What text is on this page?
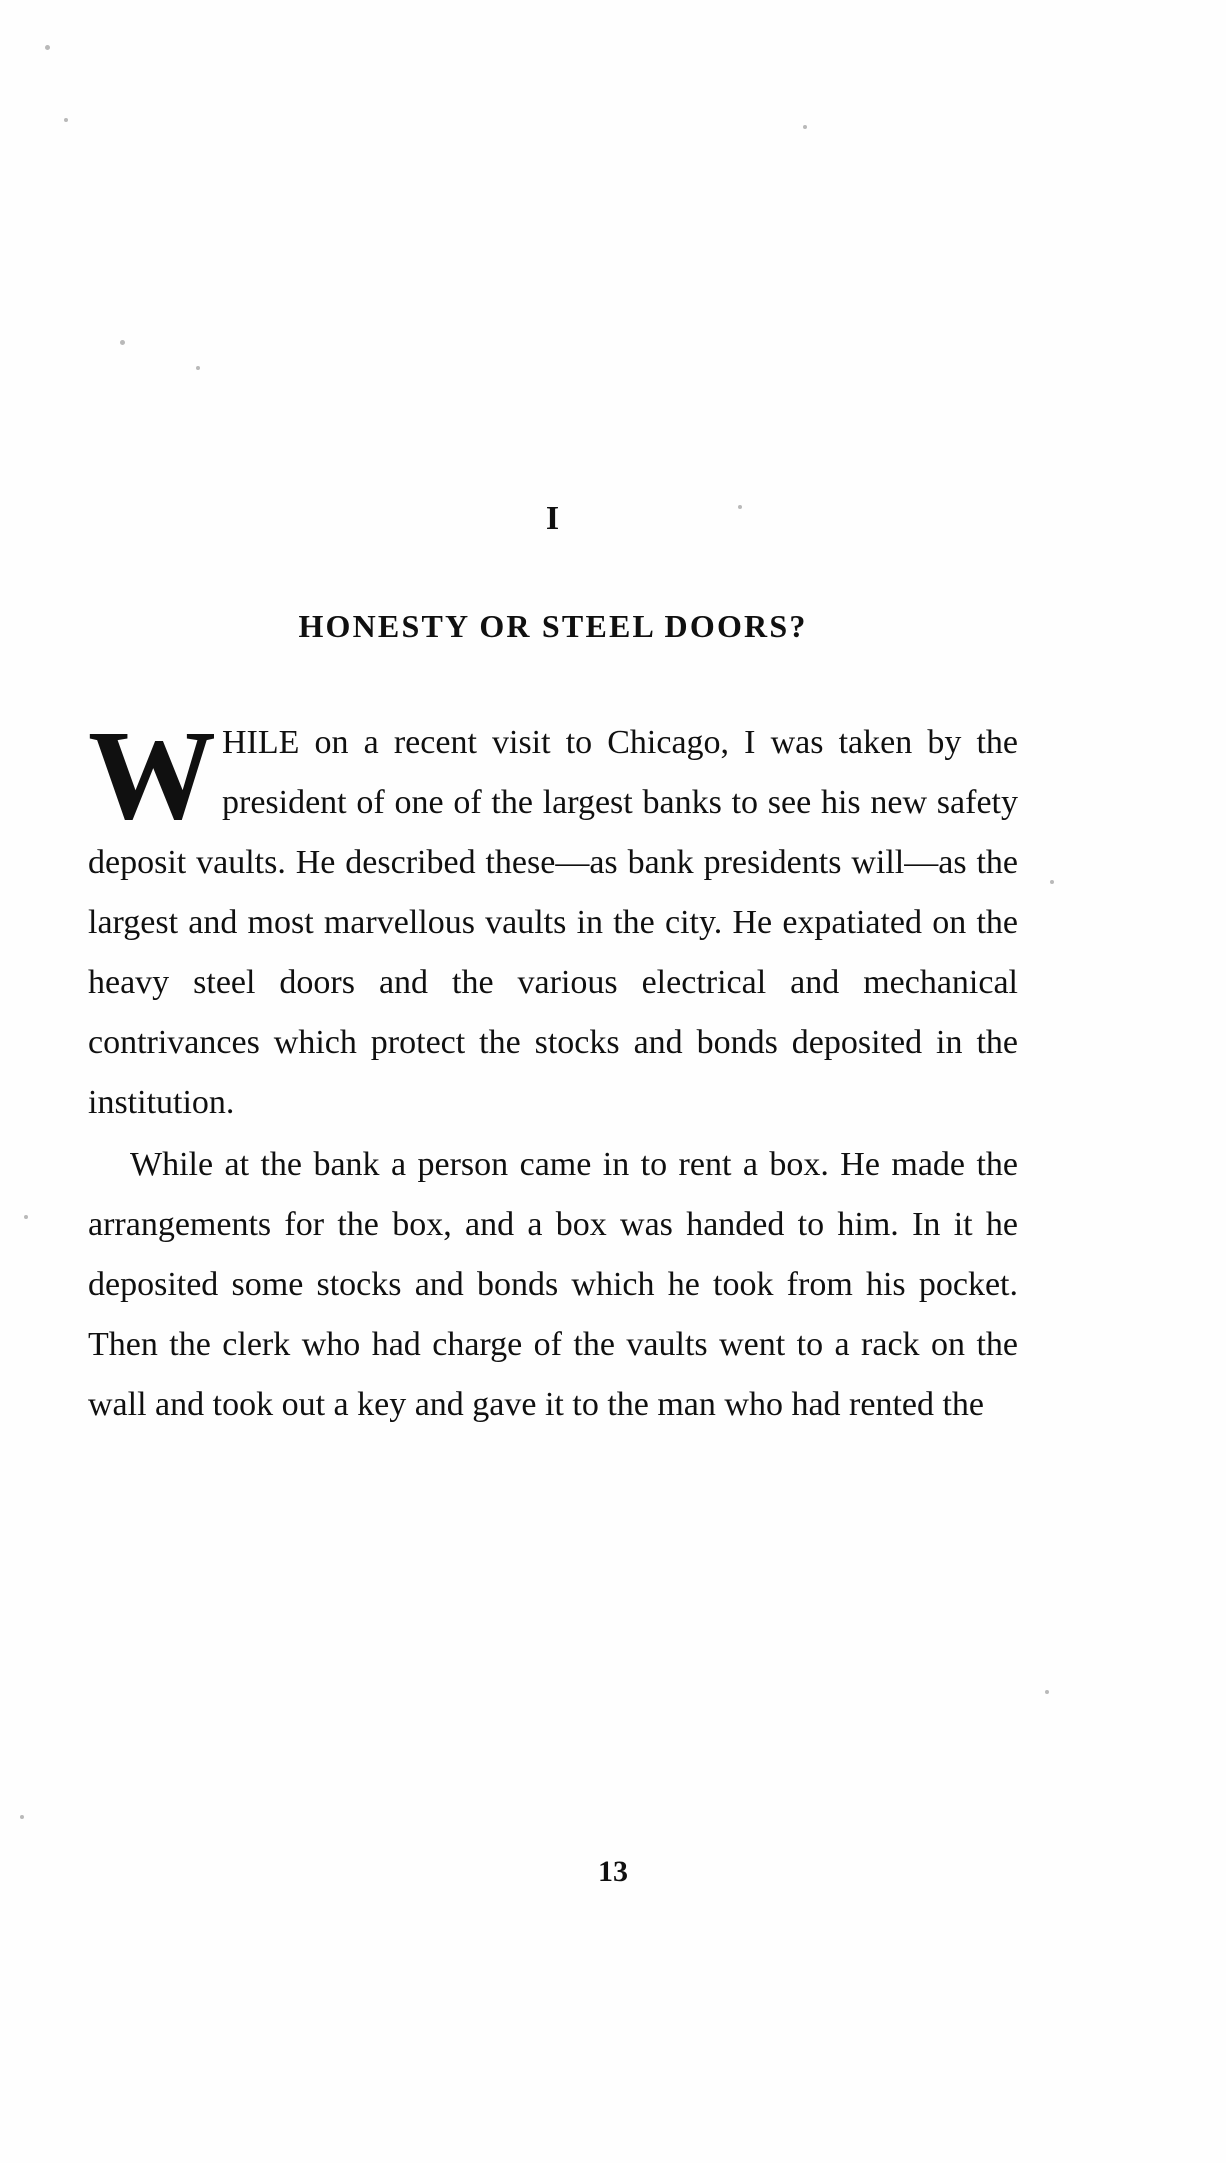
I
HONESTY OR STEEL DOORS?

WHILE on a recent visit to Chicago, I was taken by the president of one of the largest banks to see his new safety deposit vaults. He described these—as bank presidents will—as the largest and most marvellous vaults in the city. He expatiated on the heavy steel doors and the various electrical and mechanical contrivances which protect the stocks and bonds deposited in the institution.

While at the bank a person came in to rent a box. He made the arrangements for the box, and a box was handed to him. In it he deposited some stocks and bonds which he took from his pocket. Then the clerk who had charge of the vaults went to a rack on the wall and took out a key and gave it to the man who had rented the

13
